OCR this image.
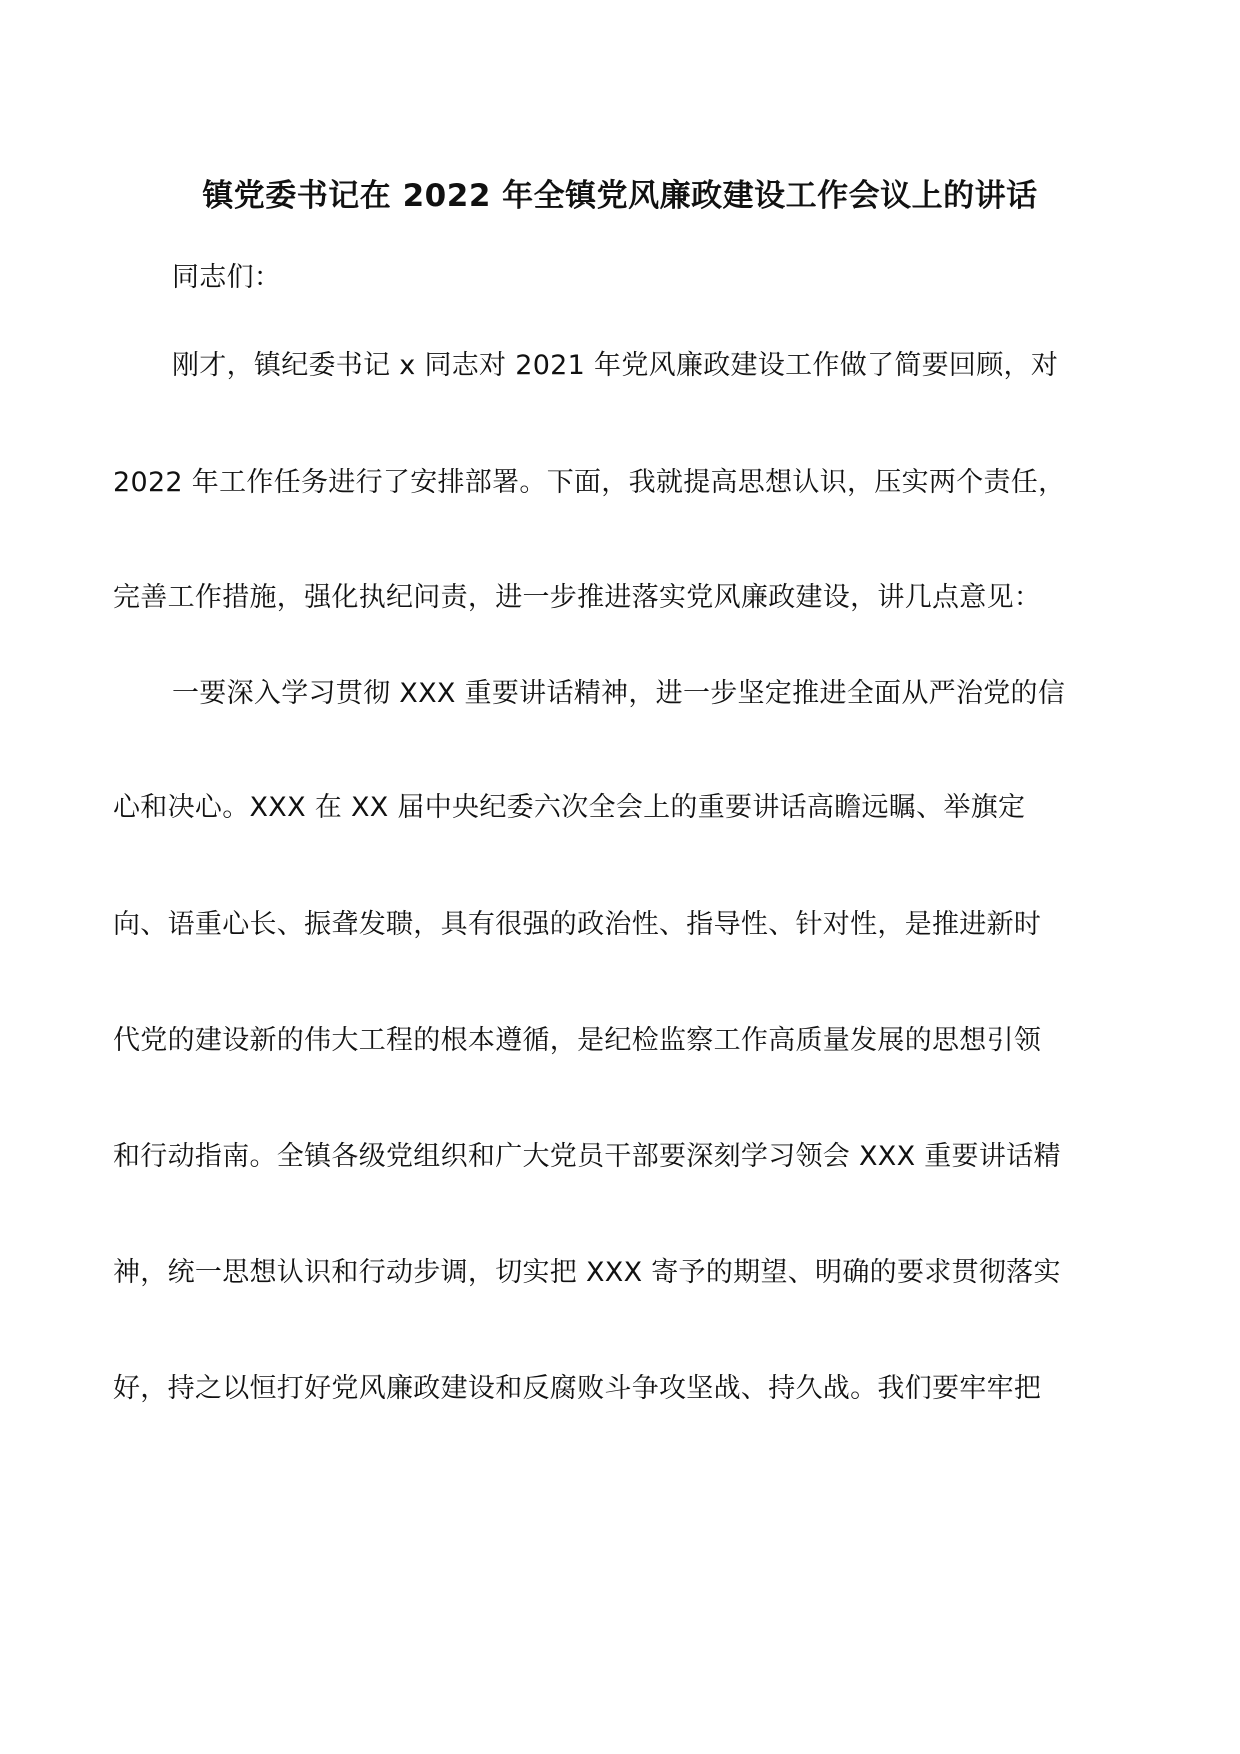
镇党委书记在 2022 年全镇党风廉政建设工作会议上的讲话

同志们：

刚才，镇纪委书记 x 同志对 2021 年党风廉政建设工作做了简要回顾，对

2022 年工作任务进行了安排部署。下面，我就提高思想认识，压实两个责任，

完善工作措施，强化执纪问责，进一步推进落实党风廉政建设，讲几点意见：

一要深入学习贯彻 XXX 重要讲话精神，进一步坚定推进全面从严治党的信

心和决心。XXX 在 XX 届中央纪委六次全会上的重要讲话高瞻远瞩、举旗定

向、语重心长、振聋发聩，具有很强的政治性、指导性、针对性，是推进新时

代党的建设新的伟大工程的根本遵循，是纪检监察工作高质量发展的思想引领

和行动指南。全镇各级党组织和广大党员干部要深刻学习领会 XXX 重要讲话精

神，统一思想认识和行动步调，切实把 XXX 寄予的期望、明确的要求贯彻落实

好，持之以恒打好党风廉政建设和反腐败斗争攻坚战、持久战。我们要牢牢把
